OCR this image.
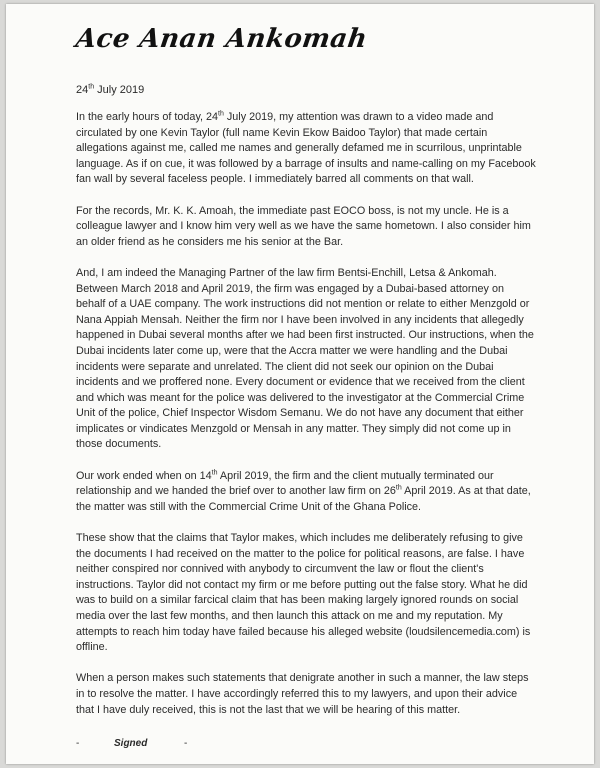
Ace Anan Ankomah
24th July 2019

In the early hours of today, 24th July 2019, my attention was drawn to a video made and circulated by one Kevin Taylor (full name Kevin Ekow Baidoo Taylor) that made certain allegations against me, called me names and generally defamed me in scurrilous, unprintable language. As if on cue, it was followed by a barrage of insults and name-calling on my Facebook fan wall by several faceless people. I immediately barred all comments on that wall.

For the records, Mr. K. K. Amoah, the immediate past EOCO boss, is not my uncle. He is a colleague lawyer and I know him very well as we have the same hometown. I also consider him an older friend as he considers me his senior at the Bar.

And, I am indeed the Managing Partner of the law firm Bentsi-Enchill, Letsa & Ankomah. Between March 2018 and April 2019, the firm was engaged by a Dubai-based attorney on behalf of a UAE company. The work instructions did not mention or relate to either Menzgold or Nana Appiah Mensah. Neither the firm nor I have been involved in any incidents that allegedly happened in Dubai several months after we had been first instructed. Our instructions, when the Dubai incidents later come up, were that the Accra matter we were handling and the Dubai incidents were separate and unrelated. The client did not seek our opinion on the Dubai incidents and we proffered none. Every document or evidence that we received from the client and which was meant for the police was delivered to the investigator at the Commercial Crime Unit of the police, Chief Inspector Wisdom Semanu. We do not have any document that either implicates or vindicates Menzgold or Mensah in any matter. They simply did not come up in those documents.

Our work ended when on 14th April 2019, the firm and the client mutually terminated our relationship and we handed the brief over to another law firm on 26th April 2019. As at that date, the matter was still with the Commercial Crime Unit of the Ghana Police.

These show that the claims that Taylor makes, which includes me deliberately refusing to give the documents I had received on the matter to the police for political reasons, are false. I have neither conspired nor connived with anybody to circumvent the law or flout the client's instructions. Taylor did not contact my firm or me before putting out the false story. What he did was to build on a similar farcical claim that has been making largely ignored rounds on social media over the last few months, and then launch this attack on me and my reputation. My attempts to reach him today have failed because his alleged website (loudsilencemedia.com) is offline.

When a person makes such statements that denigrate another in such a manner, the law steps in to resolve the matter. I have accordingly referred this to my lawyers, and upon their advice that I have duly received, this is not the last that we will be hearing of this matter.

-	Signed	-
